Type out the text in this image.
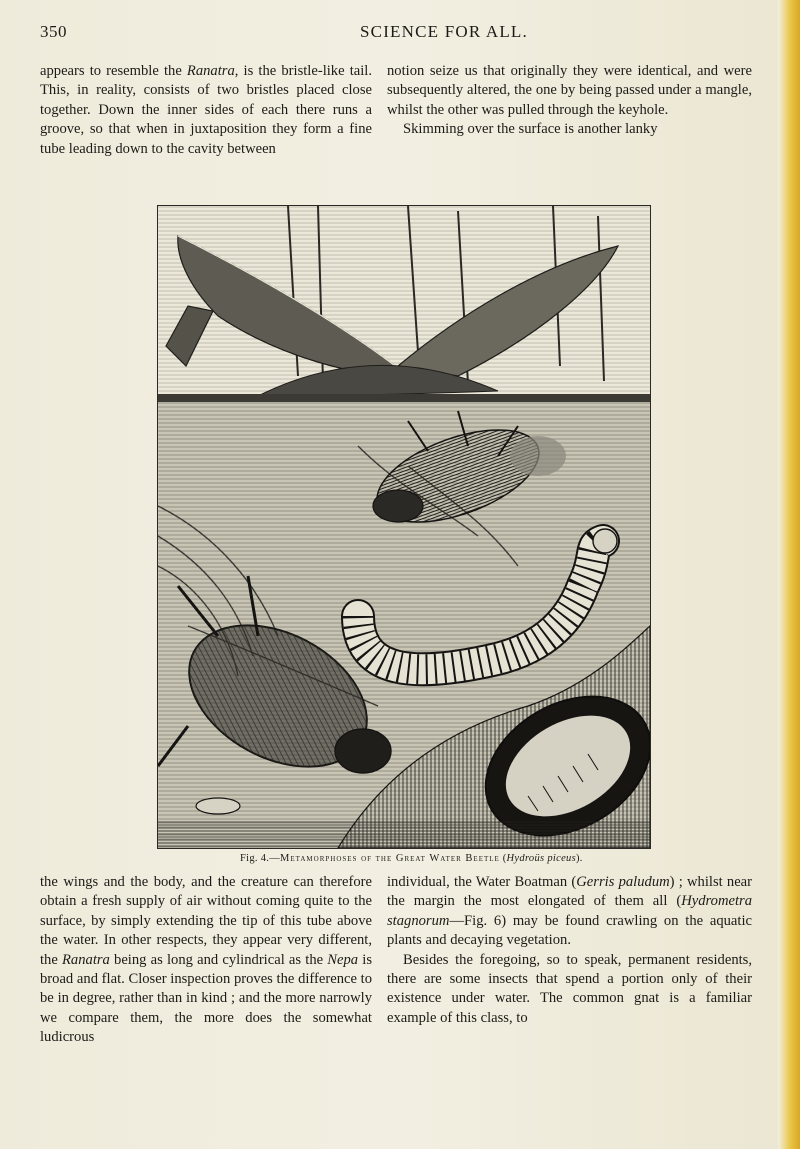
350	SCIENCE FOR ALL.

appears to resemble the Ranatra, is the bristle-like tail. This, in reality, consists of two bristles placed close together. Down the inner sides of each there runs a groove, so that when in juxtaposition they form a fine tube leading down to the cavity between

notion seize us that originally they were identical, and were subsequently altered, the one by being passed under a mangle, whilst the other was pulled through the keyhole.

Skimming over the surface is another lanky

Fig. 4.—Metamorphoses of the Great Water Beetle (Hydroüs piceus).

the wings and the body, and the creature can therefore obtain a fresh supply of air without coming quite to the surface, by simply extending the tip of this tube above the water. In other respects, they appear very different, the Ranatra being as long and cylindrical as the Nepa is broad and flat. Closer inspection proves the difference to be in degree, rather than in kind ; and the more narrowly we compare them, the more does the somewhat ludicrous

individual, the Water Boatman (Gerris paludum) ; whilst near the margin the most elongated of them all (Hydrometra stagnorum—Fig. 6) may be found crawling on the aquatic plants and decaying vegetation.

Besides the foregoing, so to speak, permanent residents, there are some insects that spend a portion only of their existence under water. The common gnat is a familiar example of this class, to
